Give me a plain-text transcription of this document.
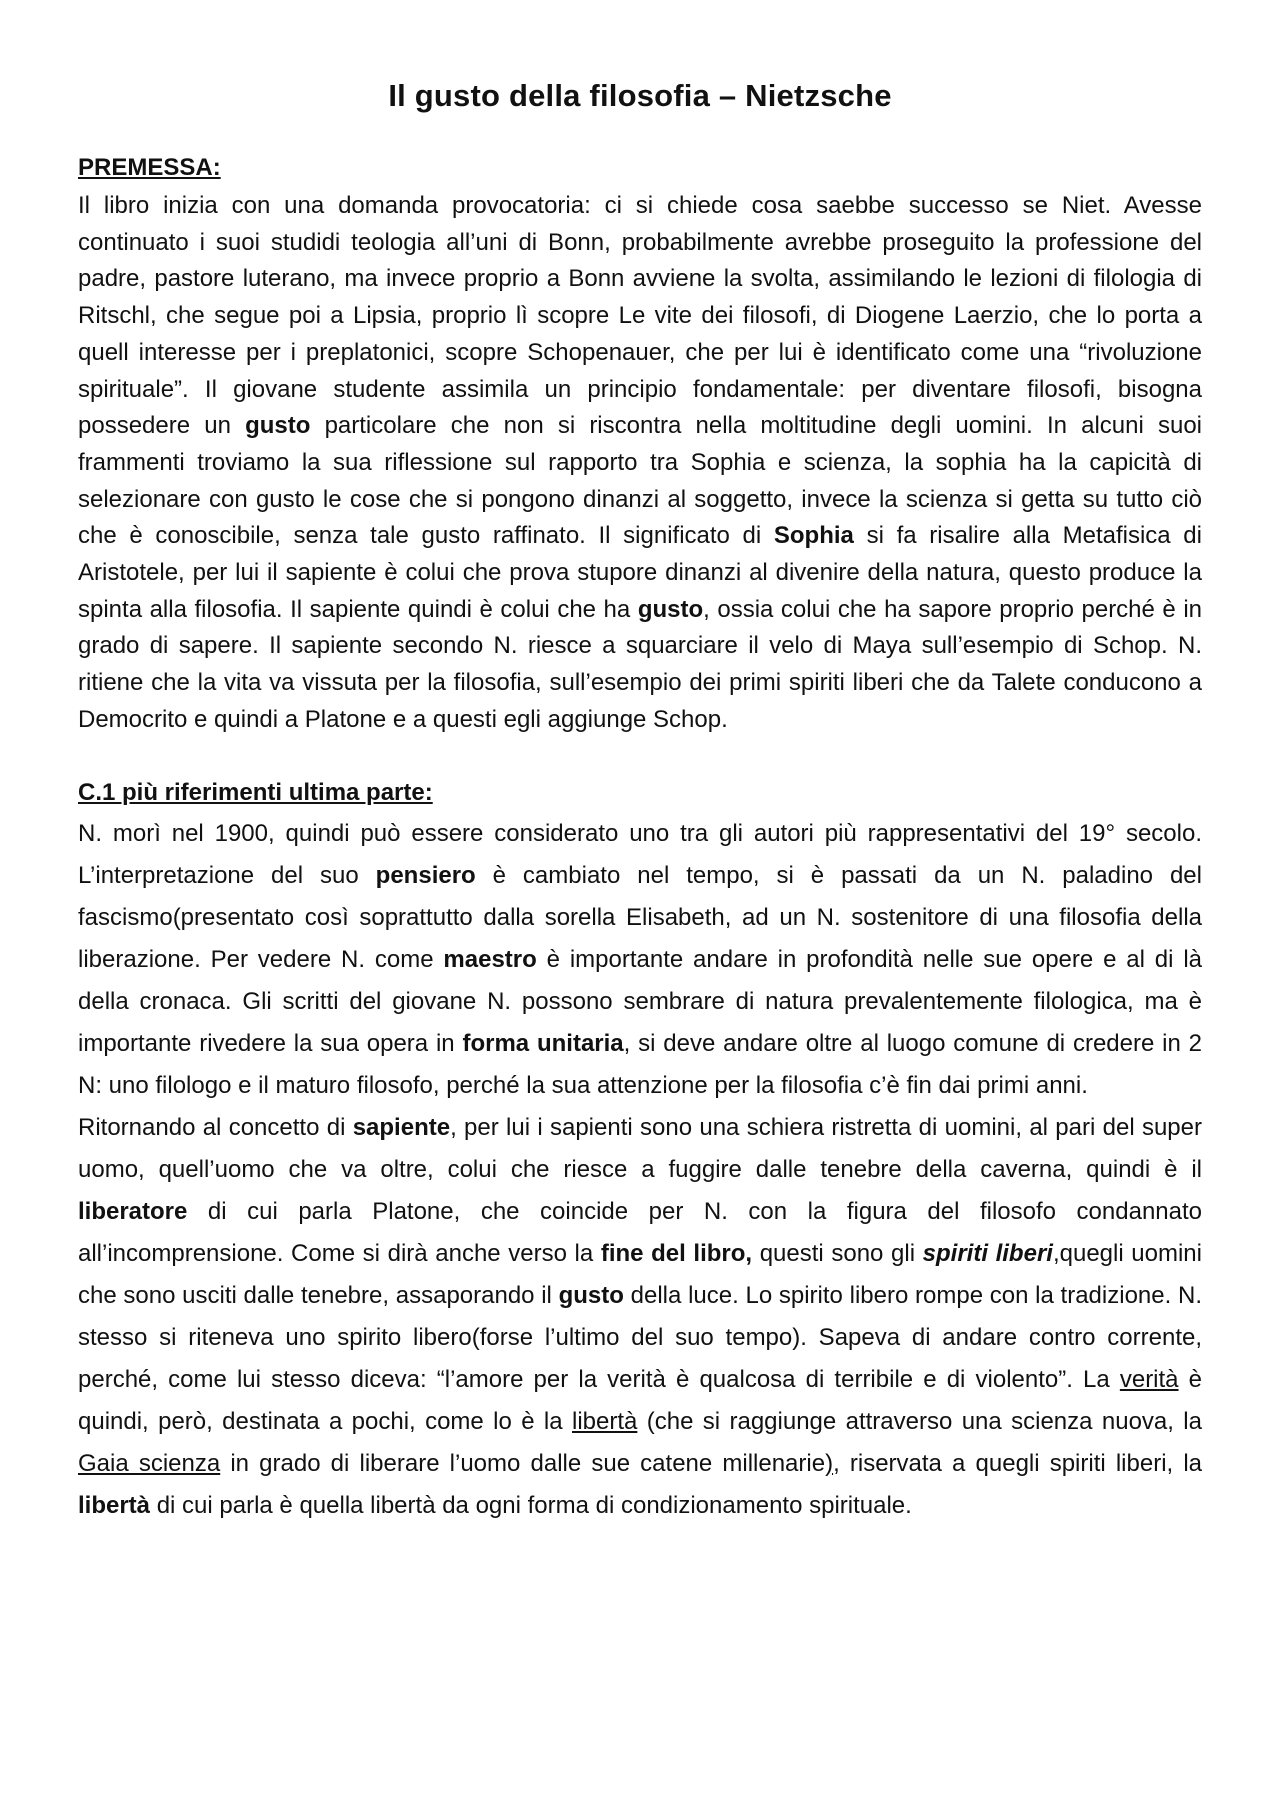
Il gusto della filosofia – Nietzsche
PREMESSA:

Il libro inizia con una domanda provocatoria: ci si chiede cosa saebbe successo se Niet. Avesse continuato i suoi studidi teologia all’uni di Bonn, probabilmente avrebbe proseguito la professione del padre, pastore luterano, ma invece proprio a Bonn avviene la svolta, assimilando le lezioni di filologia di Ritschl, che segue poi a Lipsia, proprio lì scopre Le vite dei filosofi, di Diogene Laerzio, che lo porta a quell interesse per i preplatonici, scopre Schopenauer, che per lui è identificato come una “rivoluzione spirituale”. Il giovane studente assimila un principio fondamentale: per diventare filosofi, bisogna possedere un gusto particolare che non si riscontra nella moltitudine degli uomini. In alcuni suoi frammenti troviamo la sua riflessione sul rapporto tra Sophia e scienza, la sophia ha la capicità di selezionare con gusto le cose che si pongono dinanzi al soggetto, invece la scienza si getta su tutto ciò che è conoscibile, senza tale gusto raffinato. Il significato di Sophia si fa risalire alla Metafisica di Aristotele, per lui il sapiente è colui che prova stupore dinanzi al divenire della natura, questo produce la spinta alla filosofia. Il sapiente quindi è colui che ha gusto, ossia colui che ha sapore proprio perché è in grado di sapere. Il sapiente secondo N. riesce a squarciare il velo di Maya sull’esempio di Schop. N. ritiene che la vita va vissuta per la filosofia, sull’esempio dei primi spiriti liberi che da Talete conducono a Democrito e quindi a Platone e a questi egli aggiunge Schop.

C.1 più riferimenti ultima parte:

N. morì nel 1900, quindi può essere considerato uno tra gli autori più rappresentativi del 19° secolo. L’interpretazione del suo pensiero è cambiato nel tempo, si è passati da un N. paladino del fascismo(presentato così soprattutto dalla sorella Elisabeth, ad un N. sostenitore di una filosofia della liberazione. Per vedere N. come maestro è importante andare in profondità nelle sue opere e al di là della cronaca. Gli scritti del giovane N. possono sembrare di natura prevalentemente filologica, ma è importante rivedere la sua opera in forma unitaria, si deve andare oltre al luogo comune di credere in 2 N: uno filologo e il maturo filosofo, perché la sua attenzione per la filosofia c’è fin dai primi anni.

Ritornando al concetto di sapiente, per lui i sapienti sono una schiera ristretta di uomini, al pari del super uomo, quell’uomo che va oltre, colui che riesce a fuggire dalle tenebre della caverna, quindi è il liberatore di cui parla Platone, che coincide per N. con la figura del filosofo condannato all’incomprensione. Come si dirà anche verso la fine del libro, questi sono gli spiriti liberi,quegli uomini che sono usciti dalle tenebre, assaporando il gusto della luce. Lo spirito libero rompe con la tradizione. N. stesso si riteneva uno spirito libero(forse l’ultimo del suo tempo). Sapeva di andare contro corrente, perché, come lui stesso diceva: “l’amore per la verità è qualcosa di terribile e di violento”. La verità è quindi, però, destinata a pochi, come lo è la libertà (che si raggiunge attraverso una scienza nuova, la Gaia scienza in grado di liberare l’uomo dalle sue catene millenarie), riservata a quegli spiriti liberi, la libertà di cui parla è quella libertà da ogni forma di condizionamento spirituale.
